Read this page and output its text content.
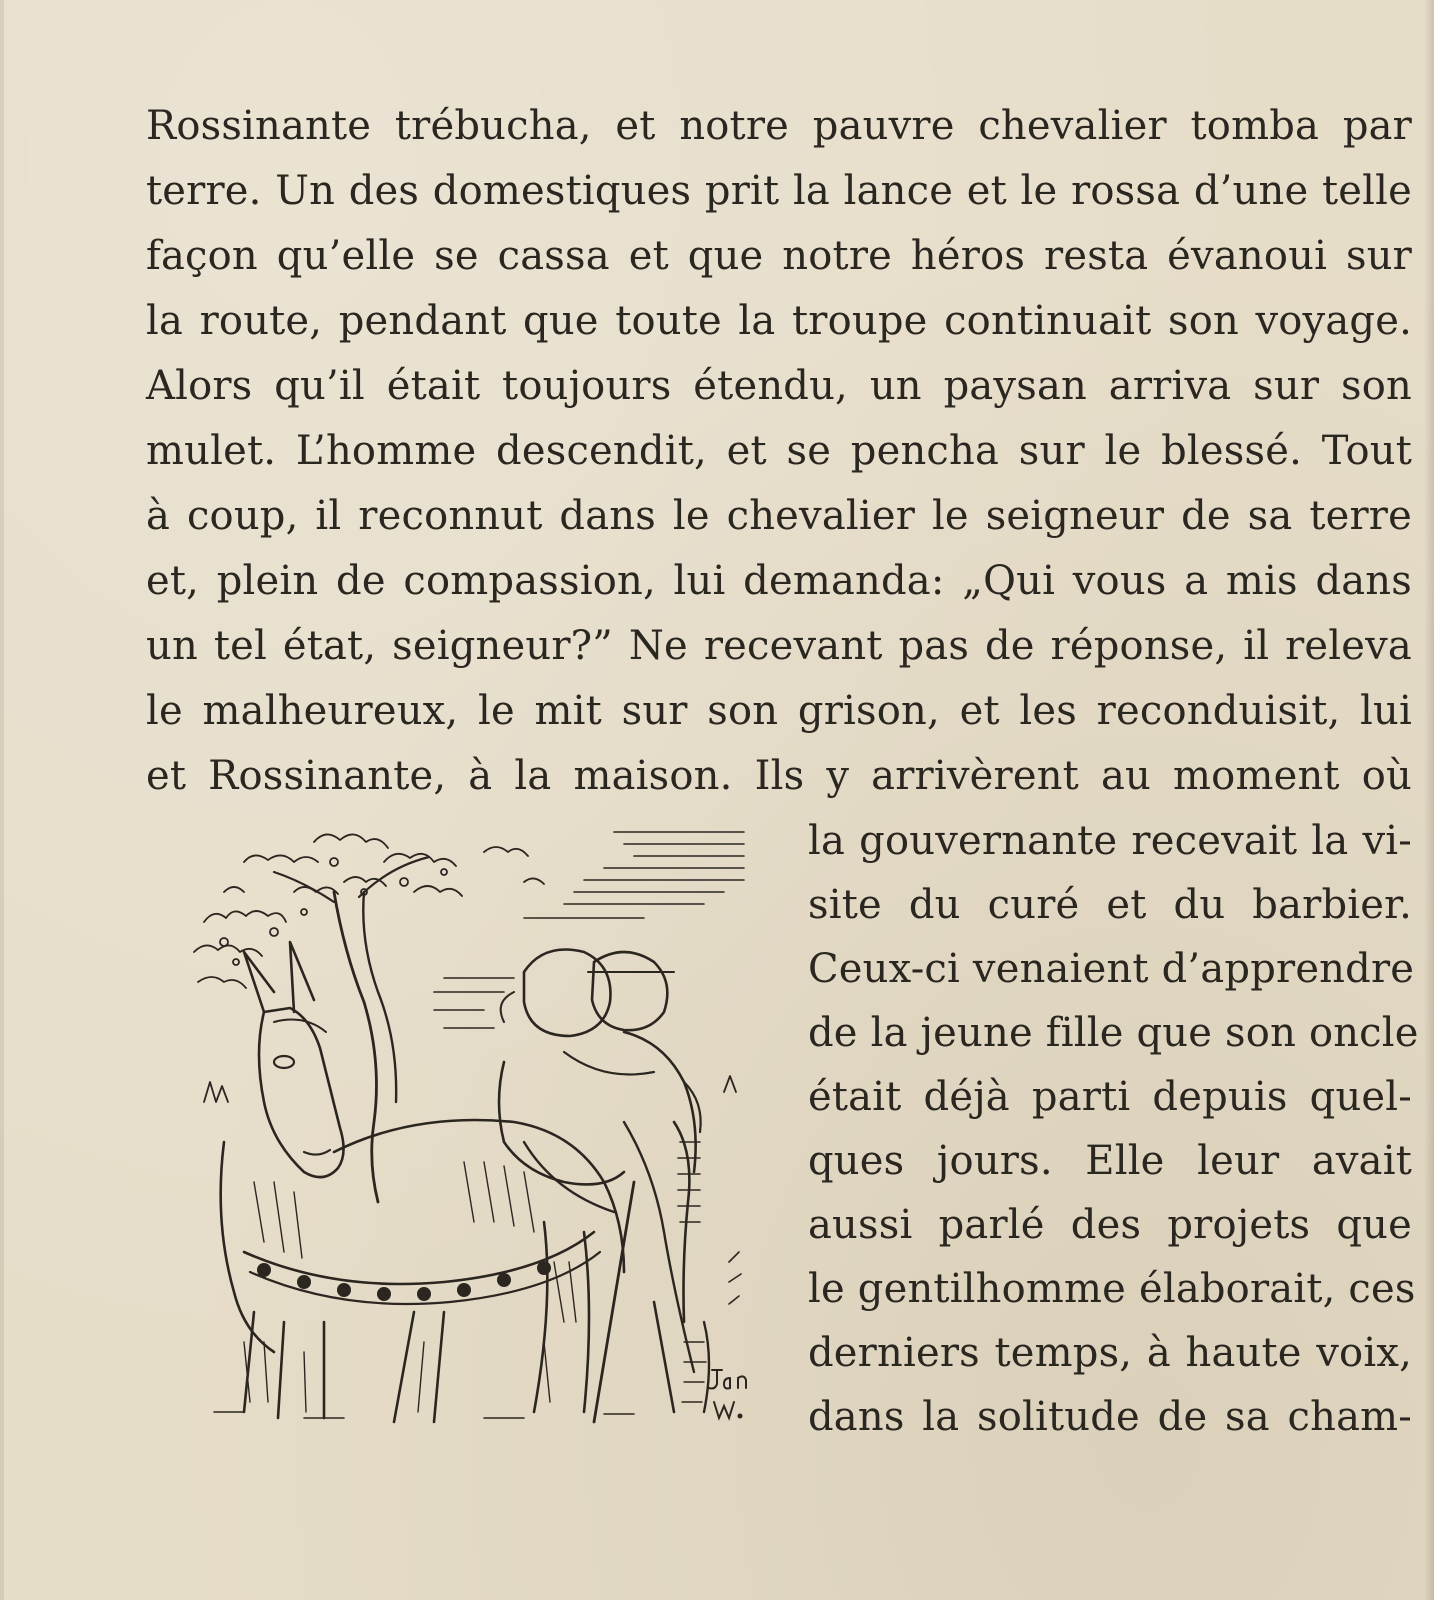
Rossinante trébucha, et notre pauvre chevalier tomba par
terre. Un des domestiques prit la lance et le rossa d’une telle
façon qu’elle se cassa et que notre héros resta évanoui sur
la route, pendant que toute la troupe continuait son voyage.
Alors qu’il était toujours étendu, un paysan arriva sur son
mulet. L’homme descendit, et se pencha sur le blessé. Tout
à coup, il reconnut dans le chevalier le seigneur de sa terre
et, plein de compassion, lui demanda: „Qui vous a mis dans
un tel état, seigneur?” Ne recevant pas de réponse, il releva
le malheureux, le mit sur son grison, et les reconduisit, lui
et Rossinante, à la maison. Ils y arrivèrent au moment où
la gouvernante recevait la vi-
site du curé et du barbier.
Ceux-ci venaient d’apprendre
de la jeune fille que son oncle
était déjà parti depuis quel-
ques jours. Elle leur avait
aussi parlé des projets que
le gentilhomme élaborait, ces
derniers temps, à haute voix,
dans la solitude de sa cham-
